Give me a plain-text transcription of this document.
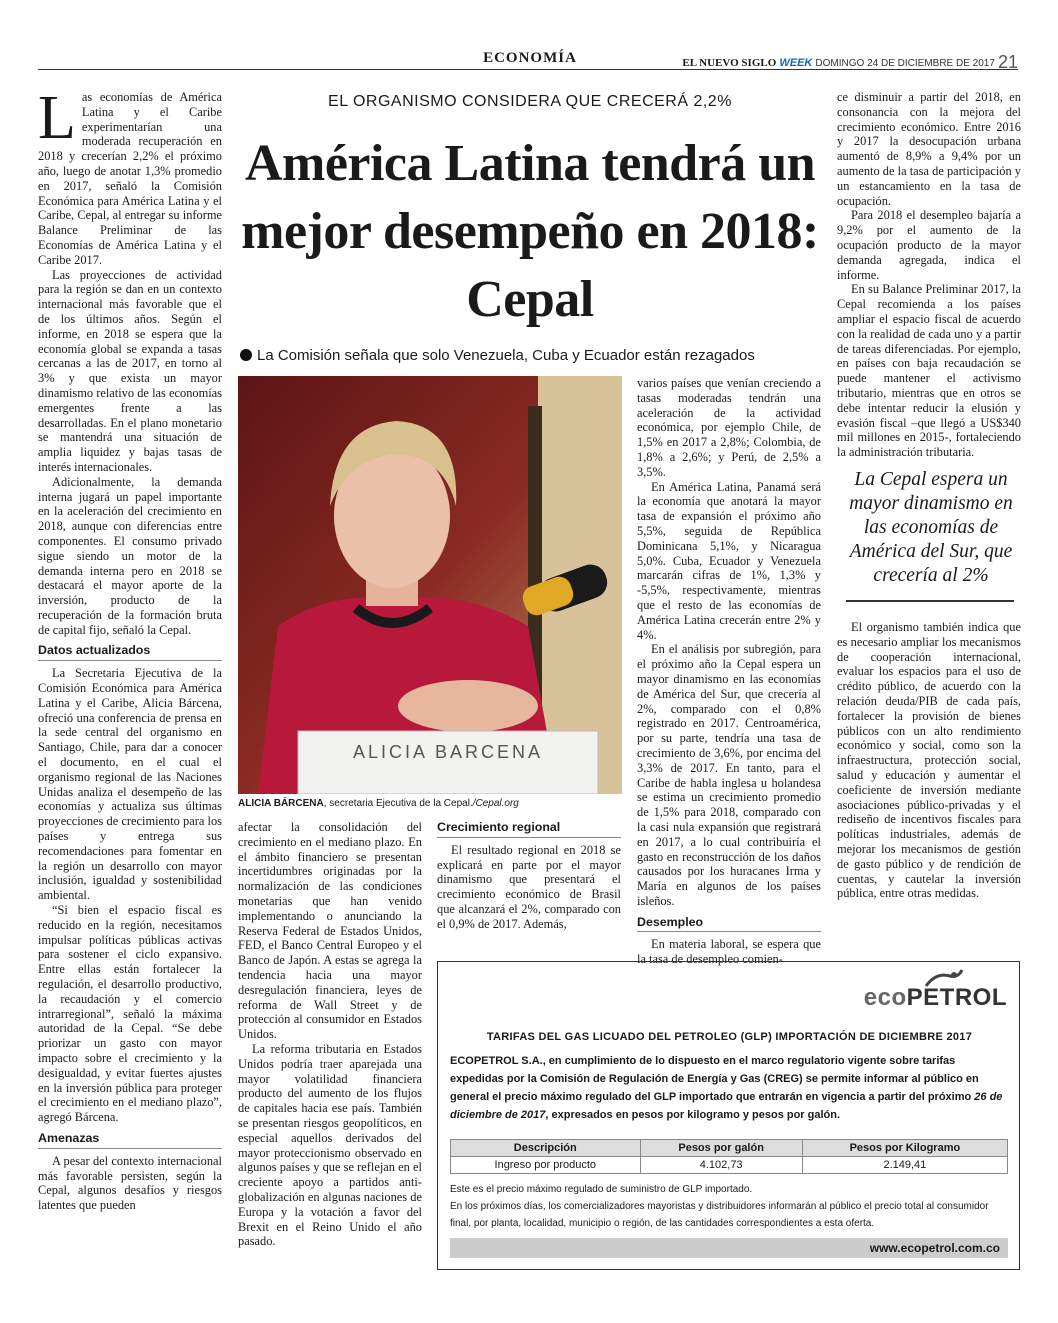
ECONOMÍA	EL NUEVO SIGLO WEEK DOMINGO 24 DE DICIEMBRE DE 2017 21
L as economías de América Latina y el Caribe experimentarían una moderada recuperación en 2018 y crecerían 2,2% el próximo año, luego de anotar 1,3% promedio en 2017, señaló la Comisión Económica para América Latina y el Caribe, Cepal, al entregar su informe Balance Preliminar de las Economías de América Latina y el Caribe 2017.

Las proyecciones de actividad para la región se dan en un contexto internacional más favorable que el de los últimos años. Según el informe, en 2018 se espera que la economía global se expanda a tasas cercanas a las de 2017, en torno al 3% y que exista un mayor dinamismo relativo de las economías emergentes frente a las desarrolladas. En el plano monetario se mantendrá una situación de amplia liquidez y bajas tasas de interés internacionales.

Adicionalmente, la demanda interna jugará un papel importante en la aceleración del crecimiento en 2018, aunque con diferencias entre componentes. El consumo privado sigue siendo un motor de la demanda interna pero en 2018 se destacará el mayor aporte de la inversión, producto de la recuperación de la formación bruta de capital fijo, señaló la Cepal.

Datos actualizados

La Secretaria Ejecutiva de la Comisión Económica para América Latina y el Caribe, Alicia Bárcena, ofreció una conferencia de prensa en la sede central del organismo en Santiago, Chile, para dar a conocer el documento, en el cual el organismo regional de las Naciones Unidas analiza el desempeño de las economías y actualiza sus últimas proyecciones de crecimiento para los países y entrega sus recomendaciones para fomentar en la región un desarrollo con mayor inclusión, igualdad y sostenibilidad ambiental.

“Si bien el espacio fiscal es reducido en la región, necesitamos impulsar políticas públicas activas para sostener el ciclo expansivo. Entre ellas están fortalecer la regulación, el desarrollo productivo, la recaudación y el comercio intrarregional”, señaló la máxima autoridad de la Cepal. “Se debe priorizar un gasto con mayor impacto sobre el crecimiento y la desigualdad, y evitar fuertes ajustes en la inversión pública para proteger el crecimiento en el mediano plazo”, agregó Bárcena.

Amenazas

A pesar del contexto internacional más favorable persisten, según la Cepal, algunos desafíos y riesgos latentes que pueden

EL ORGANISMO CONSIDERA QUE CRECERÁ 2,2%
América Latina tendrá un mejor desempeño en 2018: Cepal
La Comisión señala que solo Venezuela, Cuba y Ecuador están rezagados
ALICIA BARCENA
ALICIA BÁRCENA, secretaria Ejecutiva de la Cepal./Cepal.org

afectar la consolidación del crecimiento en el mediano plazo. En el ámbito financiero se presentan incertidumbres originadas por la normalización de las condiciones monetarias que han venido implementando o anunciando la Reserva Federal de Estados Unidos, FED, el Banco Central Europeo y el Banco de Japón. A estas se agrega la tendencia hacia una mayor desregulación financiera, leyes de reforma de Wall Street y de protección al consumidor en Estados Unidos.

La reforma tributaria en Estados Unidos podría traer aparejada una mayor volatilidad financiera producto del aumento de los flujos de capitales hacia ese país. También se presentan riesgos geopolíticos, en especial aquellos derivados del mayor proteccionismo observado en algunos países y que se reflejan en el creciente apoyo a partidos anti-globalización en algunas naciones de Europa y la votación a favor del Brexit en el Reino Unido el año pasado.

Crecimiento regional

El resultado regional en 2018 se explicará en parte por el mayor dinamismo que presentará el crecimiento económico de Brasil que alcanzará el 2%, comparado con el 0,9% de 2017. Además,

varios países que venían creciendo a tasas moderadas tendrán una aceleración de la actividad económica, por ejemplo Chile, de 1,5% en 2017 a 2,8%; Colombia, de 1,8% a 2,6%; y Perú, de 2,5% a 3,5%.

En América Latina, Panamá será la economía que anotará la mayor tasa de expansión el próximo año 5,5%, seguida de República Dominicana 5,1%, y Nicaragua 5,0%. Cuba, Ecuador y Venezuela marcarán cifras de 1%, 1,3% y -5,5%, respectivamente, mientras que el resto de las economías de América Latina crecerán entre 2% y 4%.

En el análisis por subregión, para el próximo año la Cepal espera un mayor dinamismo en las economías de América del Sur, que crecería al 2%, comparado con el 0,8% registrado en 2017. Centroamérica, por su parte, tendría una tasa de crecimiento de 3,6%, por encima del 3,3% de 2017. En tanto, para el Caribe de habla inglesa u holandesa se estima un crecimiento promedio de 1,5% para 2018, comparado con la casi nula expansión que registrará en 2017, a lo cual contribuiría el gasto en reconstrucción de los daños causados por los huracanes Irma y María en algunos de los países isleños.

Desempleo

En materia laboral, se espera que la tasa de desempleo comien-

ce disminuir a partir del 2018, en consonancia con la mejora del crecimiento económico. Entre 2016 y 2017 la desocupación urbana aumentó de 8,9% a 9,4% por un aumento de la tasa de participación y un estancamiento en la tasa de ocupación.

Para 2018 el desempleo bajaría a 9,2% por el aumento de la ocupación producto de la mayor demanda agregada, indica el informe.

En su Balance Preliminar 2017, la Cepal recomienda a los países ampliar el espacio fiscal de acuerdo con la realidad de cada uno y a partir de tareas diferenciadas. Por ejemplo, en países con baja recaudación se puede mantener el activismo tributario, mientras que en otros se debe intentar reducir la elusión y evasión fiscal –que llegó a US$340 mil millones en 2015-, fortaleciendo la administración tributaria.

La Cepal espera un mayor dinamismo en las economías de América del Sur, que crecería al 2%

El organismo también indica que es necesario ampliar los mecanismos de cooperación internacional, evaluar los espacios para el uso de crédito público, de acuerdo con la relación deuda/PIB de cada país, fortalecer la provisión de bienes públicos con un alto rendimiento económico y social, como son la infraestructura, protección social, salud y educación y aumentar el coeficiente de inversión mediante asociaciones público-privadas y el rediseño de incentivos fiscales para políticas industriales, además de mejorar los mecanismos de gestión de gasto público y de rendición de cuentas, y cautelar la inversión pública, entre otras medidas.

ecoPETROL
TARIFAS DEL GAS LICUADO DEL PETROLEO (GLP) IMPORTACIÓN DE DICIEMBRE 2017
ECOPETROL S.A., en cumplimiento de lo dispuesto en el marco regulatorio vigente sobre tarifas expedidas por la Comisión de Regulación de Energía y Gas (CREG) se permite informar al público en general el precio máximo regulado del GLP importado que entrarán en vigencia a partir del próximo 26 de diciembre de 2017, expresados en pesos por kilogramo y pesos por galón.
Descripción	Pesos por galón	Pesos por Kilogramo
Ingreso por producto	4.102,73	2.149,41
Este es el precio máximo regulado de suministro de GLP importado.
En los próximos días, los comercializadores mayoristas y distribuidores informarán al público el precio total al consumidor final, por planta, localidad, municipio o región, de las cantidades correspondientes a esta oferta.
www.ecopetrol.com.co
